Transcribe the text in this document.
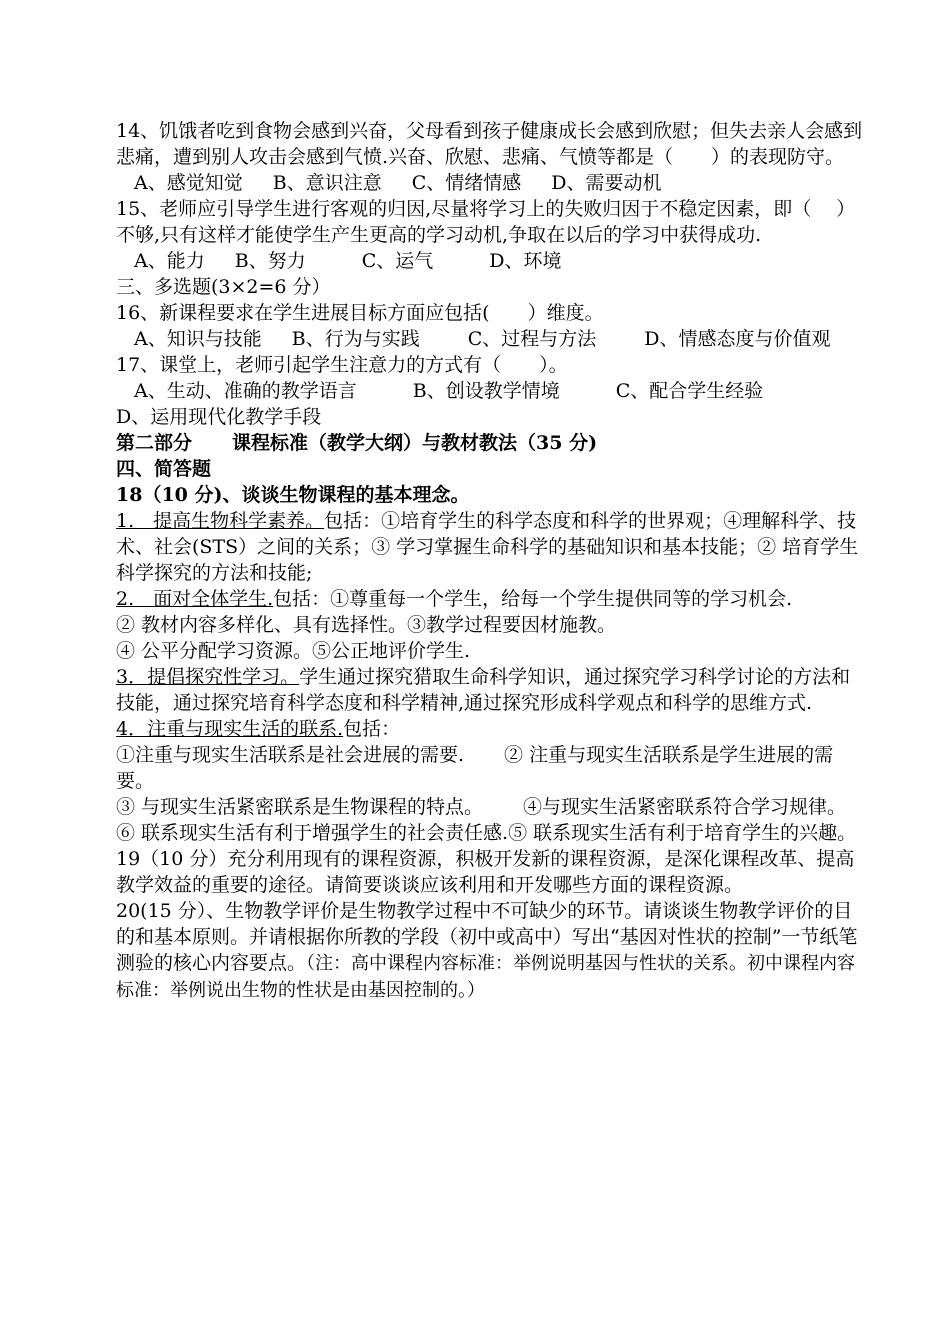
14、饥饿者吃到食物会感到兴奋，父母看到孩子健康成长会感到欣慰；但失去亲人会感到悲痛，遭到别人攻击会感到气愤.兴奋、欣慰、悲痛、气愤等都是（　　）的表现防守。

A、感觉知觉 B、意识注意 C、情绪情感 D、需要动机

15、老师应引导学生进行客观的归因,尽量将学习上的失败归因于不稳定因素，即（　 ）不够,只有这样才能使学生产生更高的学习动机,争取在以后的学习中获得成功.

A、能力 B、努力	C、运气	D、环境

三、多选题(3×2=6 分）

16、新课程要求在学生进展目标方面应包括(　　）维度。

A、知识与技能 B、行为与实践	C、过程与方法	D、情感态度与价值观

17、课堂上，老师引起学生注意力的方式有（　　）。

A、生动、准确的教学语言	B、创设教学情境	C、配合学生经验D、运用现代化教学手段

第二部分 课程标准（教学大纲）与教材教法（35 分)

四、简答题

18（10 分)、谈谈生物课程的基本理念。

1.　提高生物科学素养。包括：①培育学生的科学态度和科学的世界观；④理解科学、技术、社会(STS）之间的关系；③ 学习掌握生命科学的基础知识和基本技能；② 培育学生科学探究的方法和技能;

2.　面对全体学生.包括：①尊重每一个学生，给每一个学生提供同等的学习机会.

② 教材内容多样化、具有选择性。③教学过程要因材施教。

④ 公平分配学习资源。⑤公正地评价学生.

3．提倡探究性学习。学生通过探究猎取生命科学知识，通过探究学习科学讨论的方法和技能，通过探究培育科学态度和科学精神,通过探究形成科学观点和科学的思维方式.

4．注重与现实生活的联系.包括：

①注重与现实生活联系是社会进展的需要. ② 注重与现实生活联系是学生进展的需要。

③ 与现实生活紧密联系是生物课程的特点。 ④与现实生活紧密联系符合学习规律。

⑥ 联系现实生活有利于增强学生的社会责任感.⑤ 联系现实生活有利于培育学生的兴趣。

19（10 分）充分利用现有的课程资源，积极开发新的课程资源，是深化课程改革、提高教学效益的重要的途径。请简要谈谈应该利用和开发哪些方面的课程资源。

20(15 分）、生物教学评价是生物教学过程中不可缺少的环节。请谈谈生物教学评价的目的和基本原则。并请根据你所教的学段（初中或高中）写出“基因对性状的控制”一节纸笔测验的核心内容要点。（注：高中课程内容标准：举例说明基因与性状的关系。初中课程内容标准：举例说出生物的性状是由基因控制的。）
